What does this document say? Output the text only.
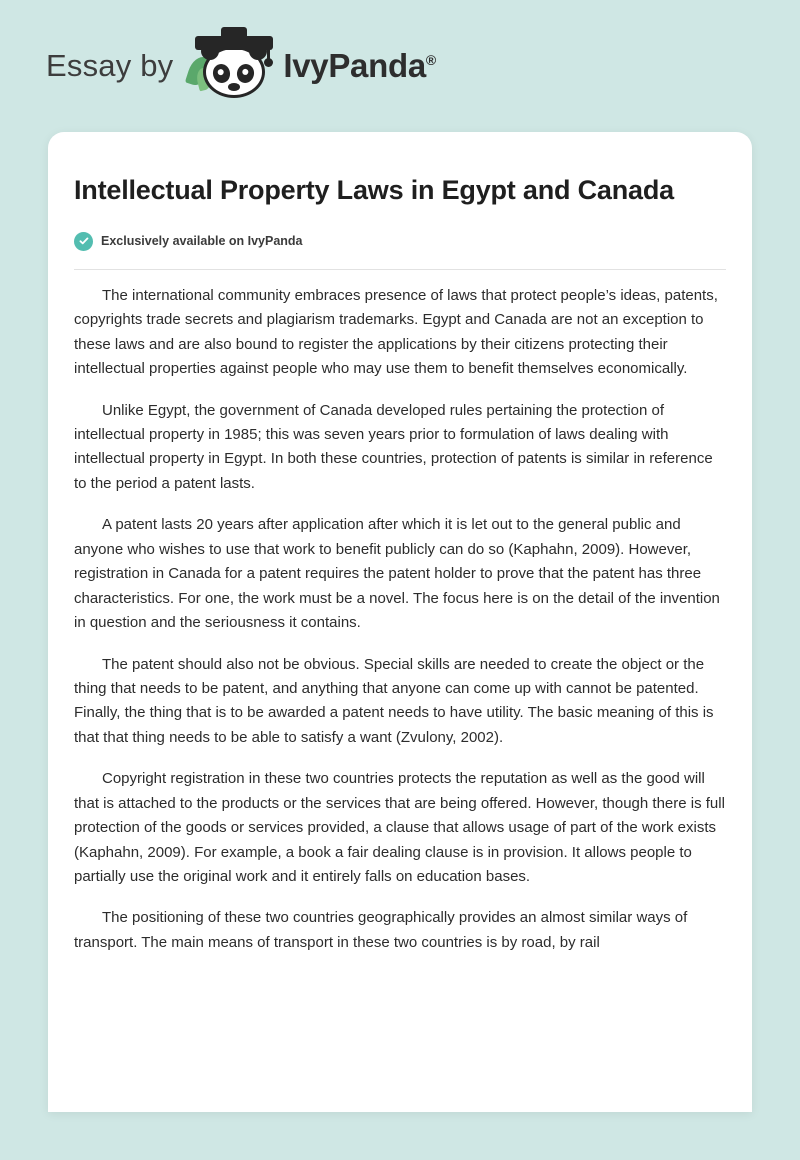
Essay by	IvyPanda®
Intellectual Property Laws in Egypt and Canada
Exclusively available on IvyPanda

The international community embraces presence of laws that protect people’s ideas, patents, copyrights trade secrets and plagiarism trademarks. Egypt and Canada are not an exception to these laws and are also bound to register the applications by their citizens protecting their intellectual properties against people who may use them to benefit themselves economically.

Unlike Egypt, the government of Canada developed rules pertaining the protection of intellectual property in 1985; this was seven years prior to formulation of laws dealing with intellectual property in Egypt. In both these countries, protection of patents is similar in reference to the period a patent lasts.

A patent lasts 20 years after application after which it is let out to the general public and anyone who wishes to use that work to benefit publicly can do so (Kaphahn, 2009). However, registration in Canada for a patent requires the patent holder to prove that the patent has three characteristics. For one, the work must be a novel. The focus here is on the detail of the invention in question and the seriousness it contains.

The patent should also not be obvious. Special skills are needed to create the object or the thing that needs to be patent, and anything that anyone can come up with cannot be patented. Finally, the thing that is to be awarded a patent needs to have utility. The basic meaning of this is that that thing needs to be able to satisfy a want (Zvulony, 2002).

Copyright registration in these two countries protects the reputation as well as the good will that is attached to the products or the services that are being offered. However, though there is full protection of the goods or services provided, a clause that allows usage of part of the work exists (Kaphahn, 2009). For example, a book a fair dealing clause is in provision. It allows people to partially use the original work and it entirely falls on education bases.

The positioning of these two countries geographically provides an almost similar ways of transport. The main means of transport in these two countries is by road, by rail
